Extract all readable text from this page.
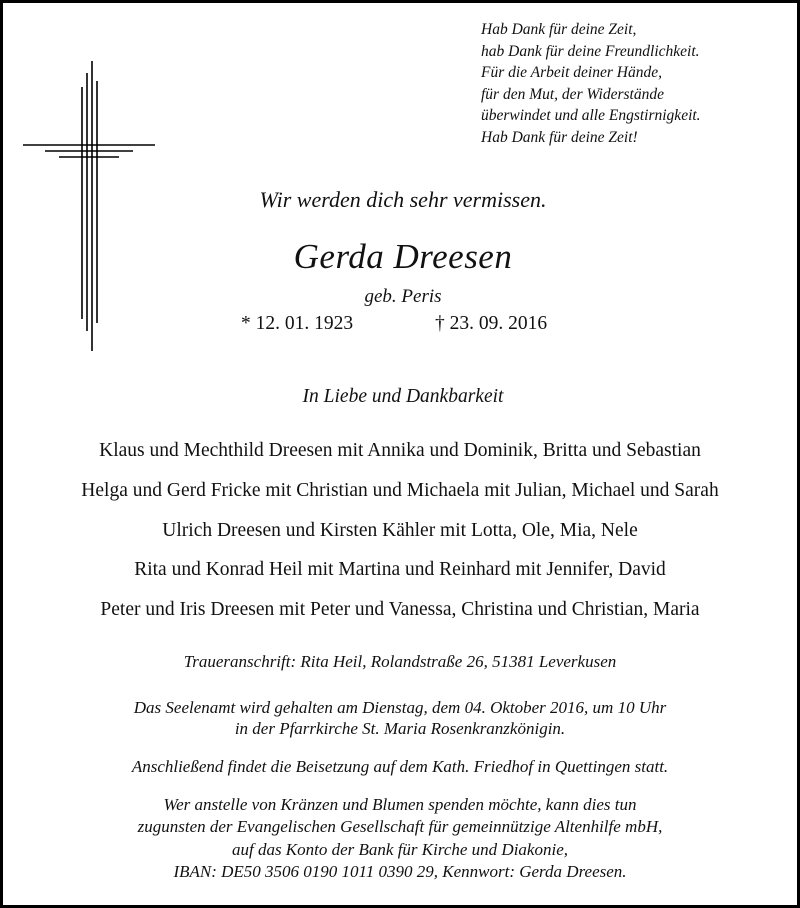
Hab Dank für deine Zeit,
hab Dank für deine Freundlichkeit.
Für die Arbeit deiner Hände,
für den Mut, der Widerstände
überwindet und alle Engstirnigkeit.
Hab Dank für deine Zeit!
Wir werden dich sehr vermissen.
Gerda Dreesen
geb. Peris
* 12. 01. 1923	† 23. 09. 2016
In Liebe und Dankbarkeit
Klaus und Mechthild Dreesen mit Annika und Dominik, Britta und Sebastian
Helga und Gerd Fricke mit Christian und Michaela mit Julian, Michael und Sarah
Ulrich Dreesen und Kirsten Kähler mit Lotta, Ole, Mia, Nele
Rita und Konrad Heil mit Martina und Reinhard mit Jennifer, David
Peter und Iris Dreesen mit Peter und Vanessa, Christina und Christian, Maria
Traueranschrift: Rita Heil, Rolandstraße 26, 51381 Leverkusen
Das Seelenamt wird gehalten am Dienstag, dem 04. Oktober 2016, um 10 Uhr
in der Pfarrkirche St. Maria Rosenkranzkönigin.
Anschließend findet die Beisetzung auf dem Kath. Friedhof in Quettingen statt.
Wer anstelle von Kränzen und Blumen spenden möchte, kann dies tun
zugunsten der Evangelischen Gesellschaft für gemeinnützige Altenhilfe mbH,
auf das Konto der Bank für Kirche und Diakonie,
IBAN: DE50 3506 0190 1011 0390 29, Kennwort: Gerda Dreesen.
